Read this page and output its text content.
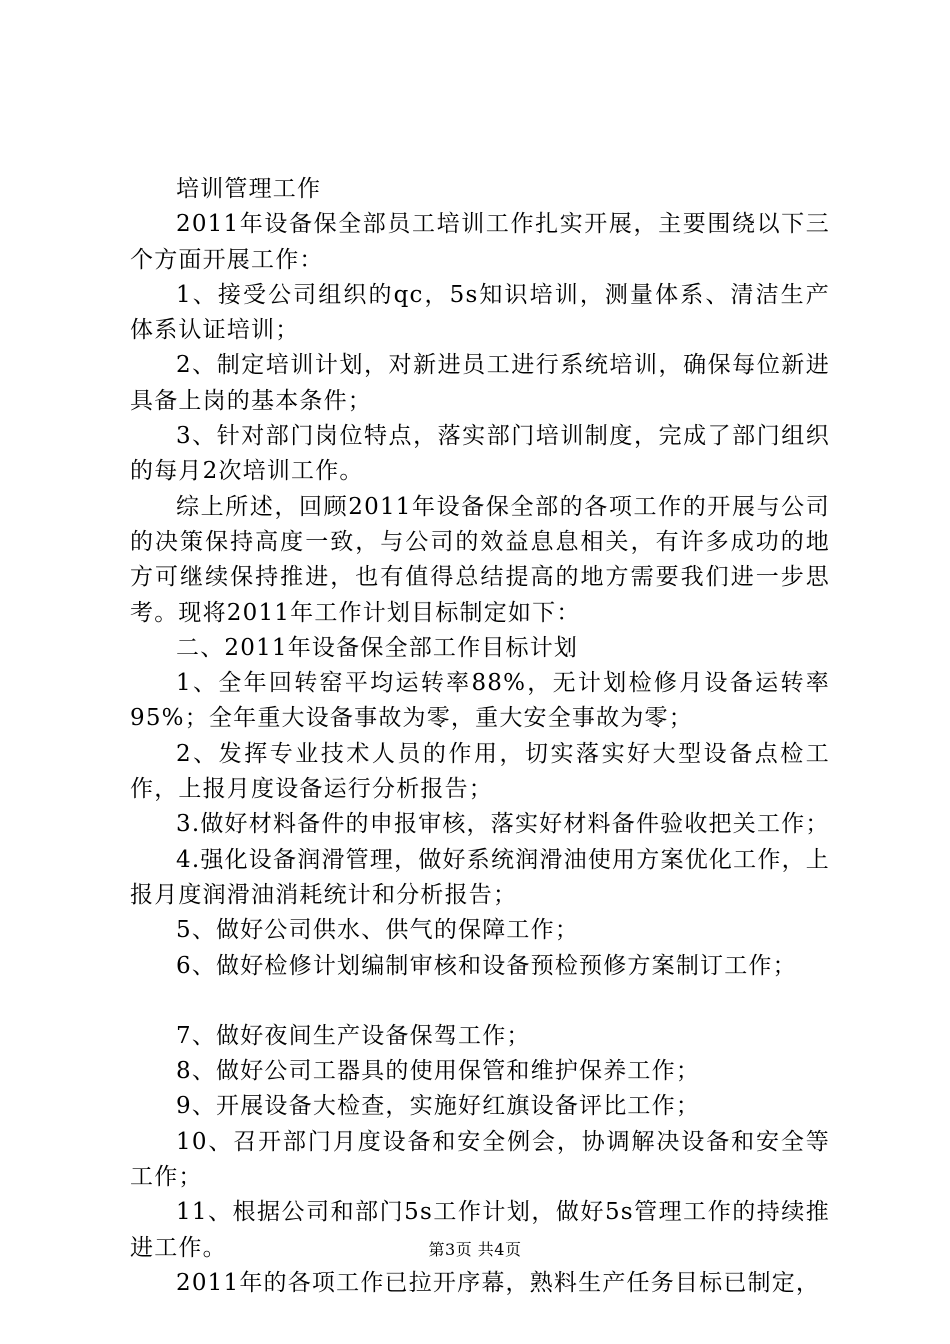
培训管理工作

2011年设备保全部员工培训工作扎实开展，主要围绕以下三个方面开展工作：

1、接受公司组织的qc，5s知识培训，测量体系、清洁生产体系认证培训；

2、制定培训计划，对新进员工进行系统培训，确保每位新进具备上岗的基本条件；

3、针对部门岗位特点，落实部门培训制度，完成了部门组织的每月2次培训工作。

综上所述，回顾2011年设备保全部的各项工作的开展与公司的决策保持高度一致，与公司的效益息息相关，有许多成功的地方可继续保持推进，也有值得总结提高的地方需要我们进一步思考。现将2011年工作计划目标制定如下：

二、2011年设备保全部工作目标计划

1、全年回转窑平均运转率88%，无计划检修月设备运转率95%；全年重大设备事故为零，重大安全事故为零；

2、发挥专业技术人员的作用，切实落实好大型设备点检工作，上报月度设备运行分析报告；

3.做好材料备件的申报审核，落实好材料备件验收把关工作；

4.强化设备润滑管理，做好系统润滑油使用方案优化工作，上报月度润滑油消耗统计和分析报告；

5、做好公司供水、供气的保障工作；

6、做好检修计划编制审核和设备预检预修方案制订工作；

7、做好夜间生产设备保驾工作；

8、做好公司工器具的使用保管和维护保养工作；

9、开展设备大检查，实施好红旗设备评比工作；

10、召开部门月度设备和安全例会，协调解决设备和安全等工作；

11、根据公司和部门5s工作计划，做好5s管理工作的持续推进工作。

2011年的各项工作已拉开序幕，熟料生产任务目标已制定，

第3页 共4页
